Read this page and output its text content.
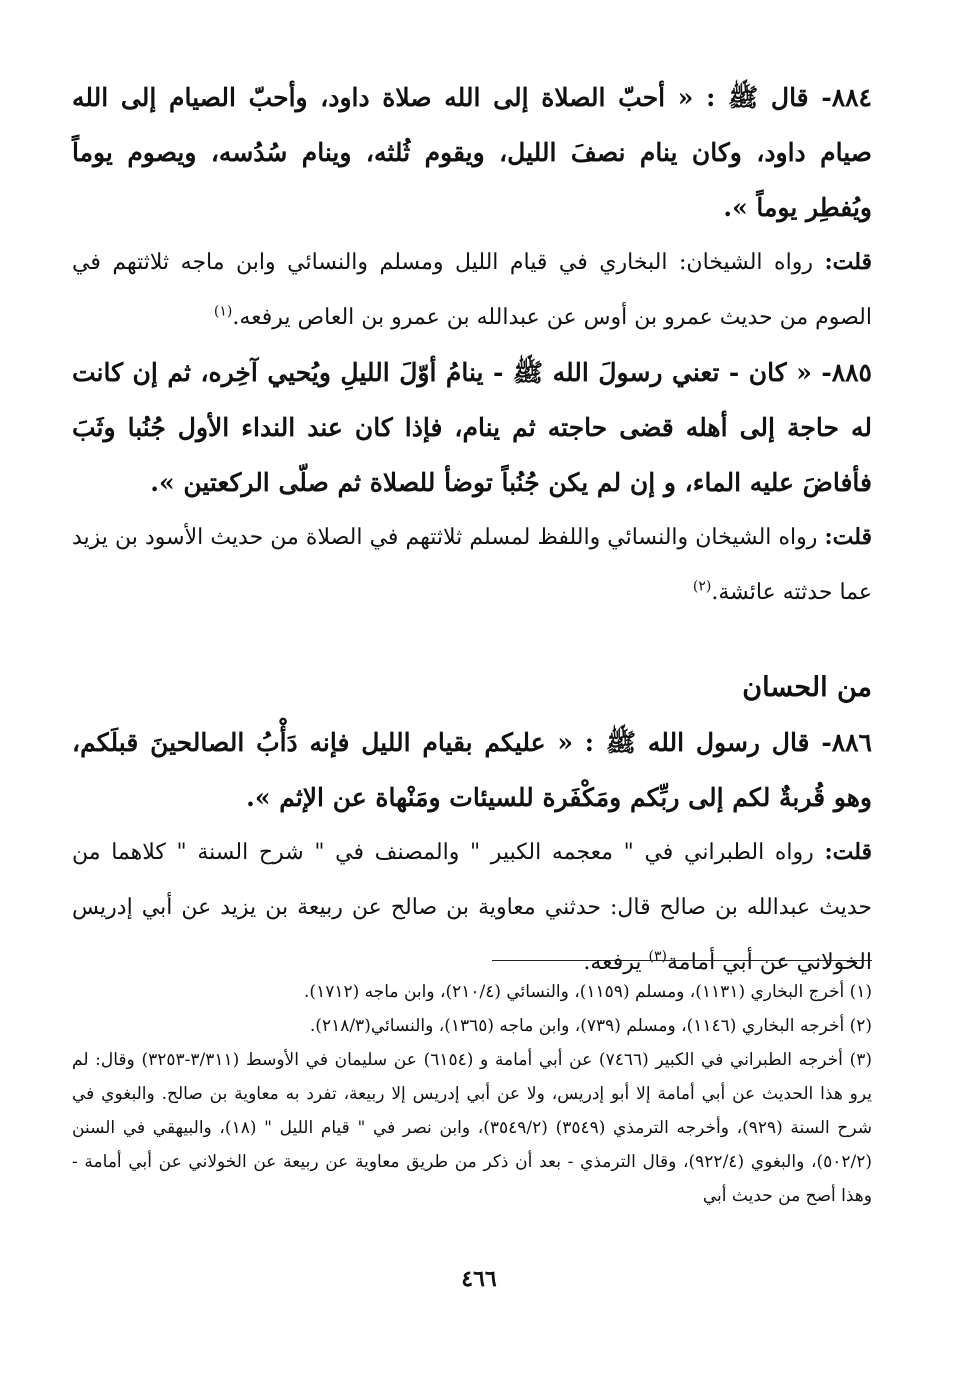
٨٨٤- قال ﷺ : « أحبّ الصلاة إلى الله صلاة داود، وأحبّ الصيام إلى الله صيام داود، وكان ينام نصفَ الليل، ويقوم ثُلثه، وينام سُدُسه، ويصوم يوماً ويُفطِر يوماً ».

قلت: رواه الشيخان: البخاري في قيام الليل ومسلم والنسائي وابن ماجه ثلاثتهم في الصوم من حديث عمرو بن أوس عن عبدالله بن عمرو بن العاص يرفعه.$^{(١)}$

٨٨٥- « كان - تعني رسولَ الله ﷺ - ينامُ أوّلَ الليلِ ويُحيي آخِره، ثم إن كانت له حاجة إلى أهله قضى حاجته ثم ينام، فإذا كان عند النداء الأول جُنُبا وثَبَ فأفاضَ عليه الماء، و إن لم يكن جُنُباً توضأ للصلاة ثم صلّى الركعتين ».

قلت: رواه الشيخان والنسائي واللفظ لمسلم ثلاثتهم في الصلاة من حديث الأسود بن يزيد عما حدثته عائشة.$^{(٢)}$

من الحسان

٨٨٦- قال رسول الله ﷺ : « عليكم بقيام الليل فإنه دَأْبُ الصالحينَ قبلَكم، وهو قُربةٌ لكم إلى ربِّكم ومَكْفَرة للسيئات ومَنْهاة عن الإثم ».

قلت: رواه الطبراني في " معجمه الكبير " والمصنف في " شرح السنة " كلاهما من حديث عبدالله بن صالح قال: حدثني معاوية بن صالح عن ربيعة بن يزيد عن أبي إدريس الخولاني عن أبي أمامة$^{(٣)}$ يرفعه.

(١) أخرج البخاري (١١٣١)، ومسلم (١١٥٩)، والنسائي (٢١٠/٤)، وابن ماجه (١٧١٢).

(٢) أخرجه البخاري (١١٤٦)، ومسلم (٧٣٩)، وابن ماجه (١٣٦٥)، والنسائي(٢١٨/٣).

(٣) أخرجه الطبراني في الكبير (٧٤٦٦) عن أبي أمامة و (٦١٥٤) عن سليمان في الأوسط (٣/٣١١-٣٢٥٣) وقال: لم يرو هذا الحديث عن أبي أمامة إلا أبو إدريس، ولا عن أبي إدريس إلا ربيعة، تفرد به معاوية بن صالح. والبغوي في شرح السنة (٩٢٩)، وأخرجه الترمذي (٣٥٤٩) (٣٥٤٩/٢)، وابن نصر في " قيام الليل " (١٨)، والبيهقي في السنن (٥٠٢/٢)، والبغوي (٩٢٢/٤)، وقال الترمذي - بعد أن ذكر من طريق معاوية عن ربيعة عن الخولاني عن أبي أمامة - وهذا أصح من حديث أبي

٤٦٦
